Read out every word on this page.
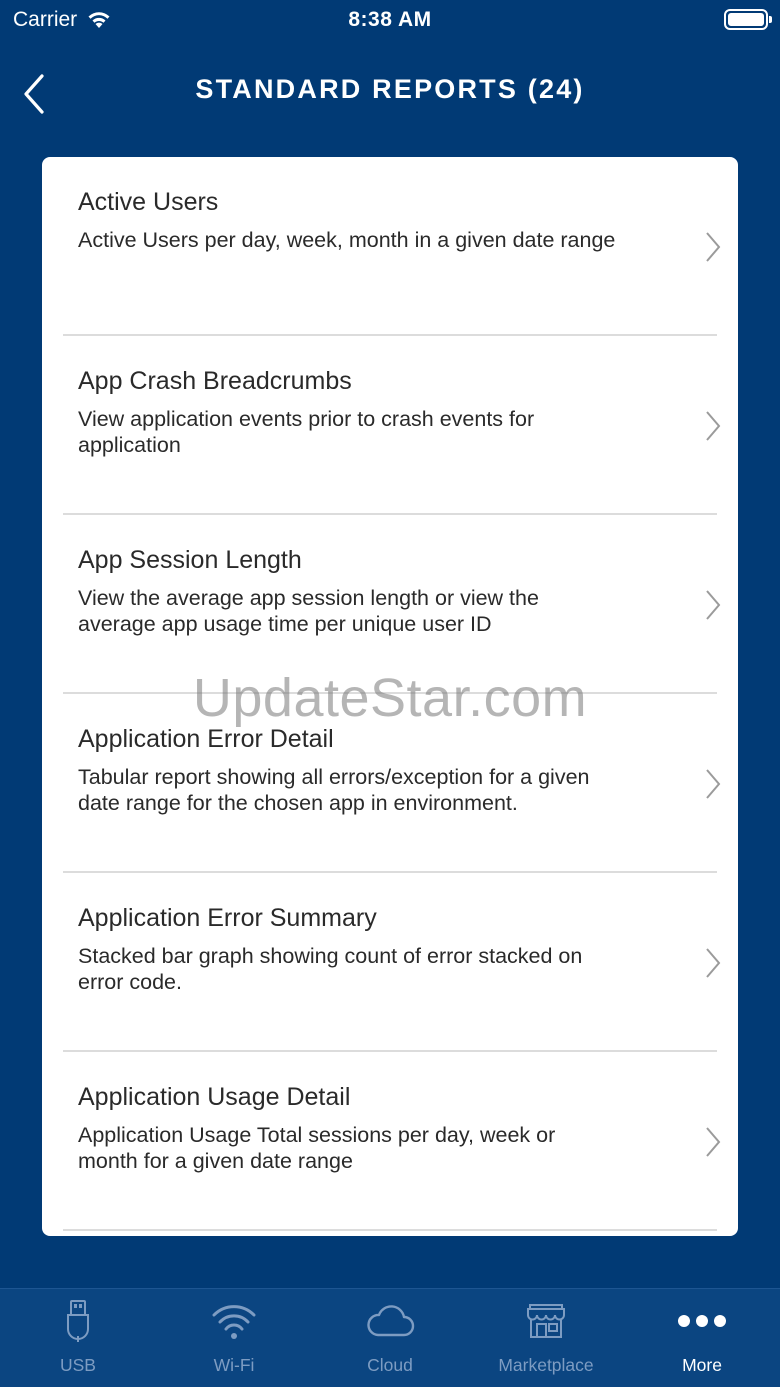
Carrier	8:38 AM
STANDARD REPORTS (24)
Active Users
Active Users per day, week, month in a given date range
App Crash Breadcrumbs
View application events prior to crash events for application
App Session Length
View the average app session length or view the average app usage time per unique user ID
Application Error Detail
Tabular report showing all errors/exception for a given date range for the chosen app in environment.
Application Error Summary
Stacked bar graph showing count of error stacked on error code.
Application Usage Detail
Application Usage Total sessions per day, week or month for a given date range
UpdateStar.com
USB	Wi-Fi	Cloud	Marketplace	More
